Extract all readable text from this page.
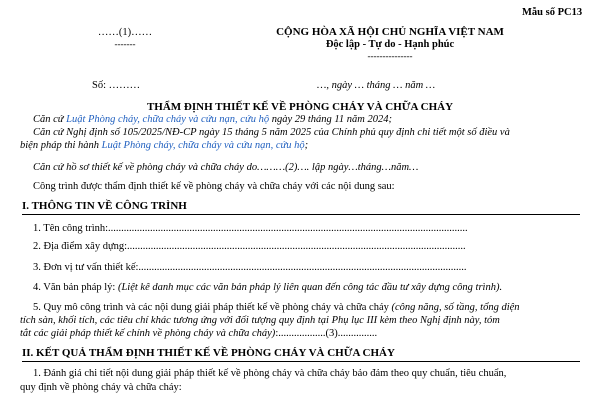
Mẫu số PC13
……(1)……
-------
CỘNG HÒA XÃ HỘI CHỦ NGHĨA VIỆT NAM
Độc lập - Tự do - Hạnh phúc
---------------
Số: ………	…, ngày … tháng … năm …
THẨM ĐỊNH THIẾT KẾ VỀ PHÒNG CHÁY VÀ CHỮA CHÁY
Căn cứ Luật Phòng cháy, chữa cháy và cứu nạn, cứu hộ ngày 29 tháng 11 năm 2024;
Căn cứ Nghị định số 105/2025/NĐ-CP ngày 15 tháng 5 năm 2025 của Chính phủ quy định chi tiết một số điều và
biện pháp thi hành Luật Phòng cháy, chữa cháy và cứu nạn, cứu hộ;
Căn cứ hồ sơ thiết kế về phòng cháy và chữa cháy do………(2)…. lập ngày…tháng…năm…
Công trình được thẩm định thiết kế về phòng cháy và chữa cháy với các nội dung sau:
I. THÔNG TIN VỀ CÔNG TRÌNH
1. Tên công trình:.........................................................................................................................................
2. Địa điểm xây dựng:.................................................................................................................................
3. Đơn vị tư vấn thiết kế:.............................................................................................................................
4. Văn bản pháp lý: (Liệt kê danh mục các văn bản pháp lý liên quan đến công tác đầu tư xây dựng công trình).
5. Quy mô công trình và các nội dung giải pháp thiết kế về phòng cháy và chữa cháy (công năng, số tầng, tổng diện
tích sàn, khối tích, các tiêu chí khác tương ứng với đối tượng quy định tại Phụ lục III kèm theo Nghị định này, tóm
tắt các giải pháp thiết kế chính về phòng cháy và chữa cháy):..................(3)...............
II. KẾT QUẢ THẨM ĐỊNH THIẾT KẾ VỀ PHÒNG CHÁY VÀ CHỮA CHÁY
1. Đánh giá chi tiết nội dung giải pháp thiết kế về phòng cháy và chữa cháy bảo đảm theo quy chuẩn, tiêu chuẩn,
quy định về phòng cháy và chữa cháy:
